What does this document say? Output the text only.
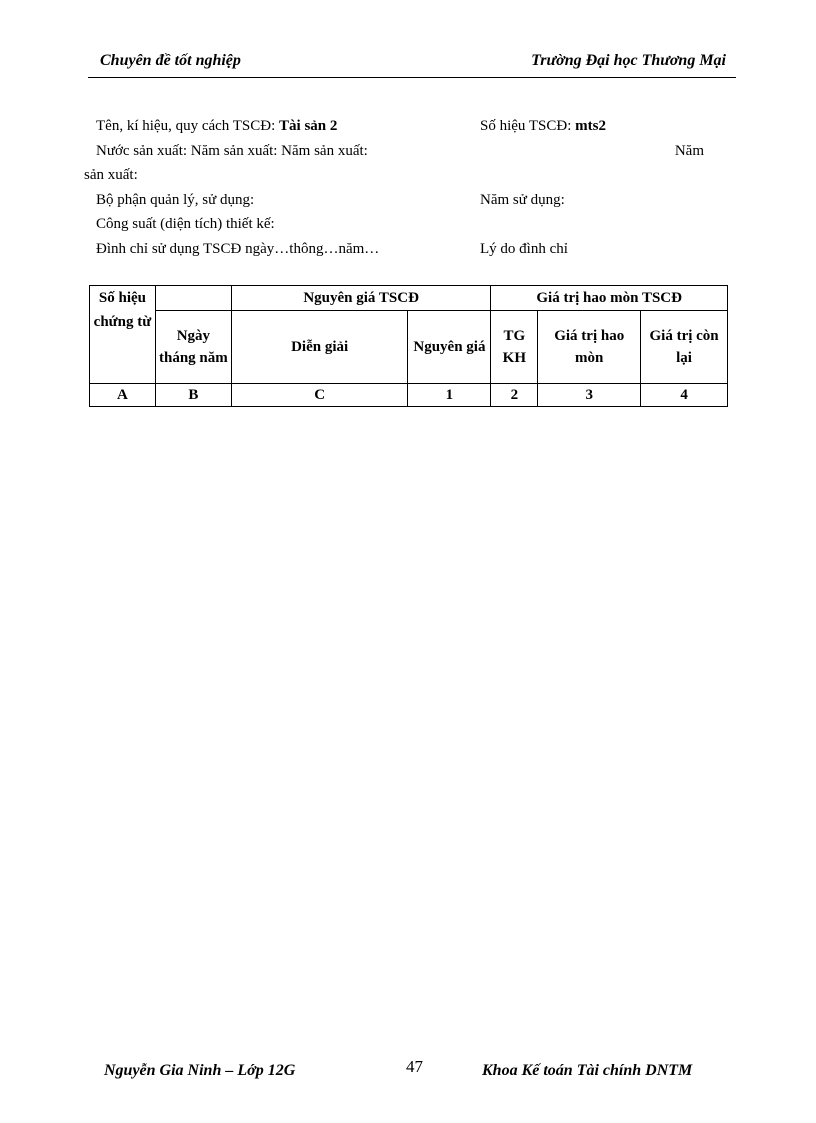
Chuyên đề tốt nghiệp	Trường Đại học Thương Mại
Tên, kí hiệu, quy cách TSCĐ: Tài sản 2	Số hiệu TSCĐ: mts2
Nước sản xuất: Năm sản xuất: Năm sản xuất:	Năm
sản xuất:
Bộ phận quản lý, sử dụng:	Năm sử dụng:
Công suất (diện tích) thiết kế:
Đình chỉ sử dụng TSCĐ ngày…thông…năm…	Lý do đình chỉ
Số hiệu chứng từ		Nguyên giá TSCĐ		Giá trị hao mòn TSCĐ		
	Ngày tháng năm	Diễn giải	Nguyên giá	TG KH	Giá trị hao mòn	Giá trị còn lại
A	B	C	1	2	3	4
Nguyễn Gia Ninh – Lớp 12G	47	Khoa Kế toán Tài chính DNTM
